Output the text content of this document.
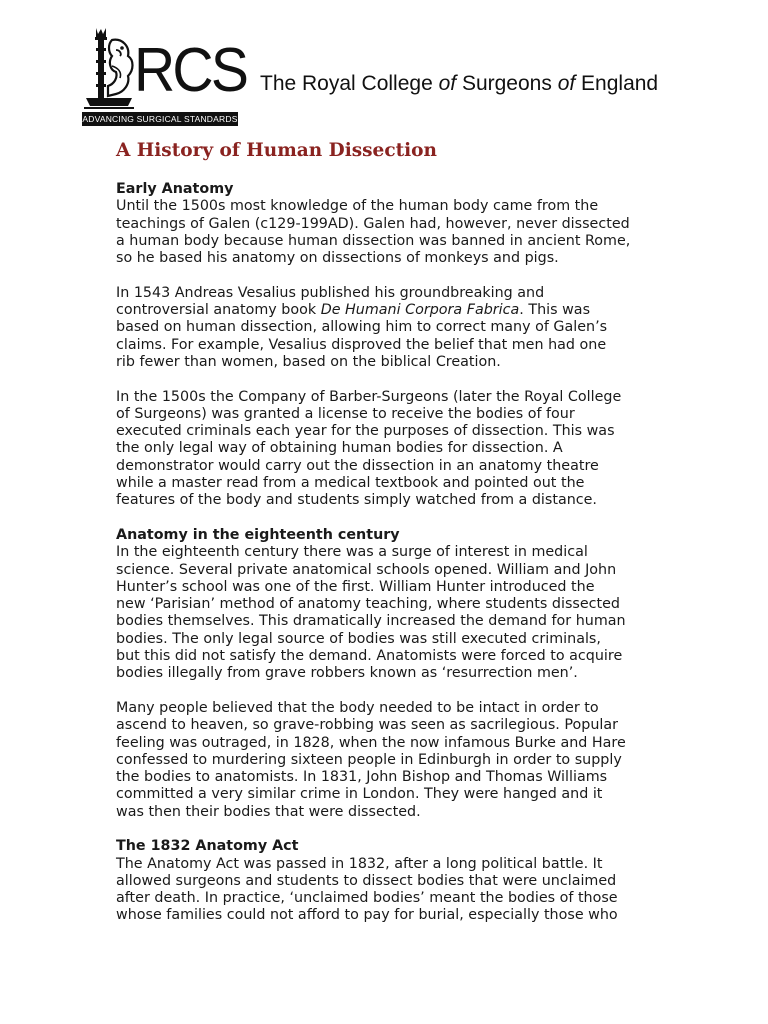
RCS
ADVANCING SURGICAL STANDARDS
The Royal College of Surgeons of England
A History of Human Dissection
Early Anatomy

Until the 1500s most knowledge of the human body came from the
teachings of Galen (c129-199AD). Galen had, however, never dissected
a human body because human dissection was banned in ancient Rome,
so he based his anatomy on dissections of monkeys and pigs.

In 1543 Andreas Vesalius published his groundbreaking and
controversial anatomy book De Humani Corpora Fabrica. This was
based on human dissection, allowing him to correct many of Galen’s
claims. For example, Vesalius disproved the belief that men had one
rib fewer than women, based on the biblical Creation.

In the 1500s the Company of Barber-Surgeons (later the Royal College
of Surgeons) was granted a license to receive the bodies of four
executed criminals each year for the purposes of dissection. This was
the only legal way of obtaining human bodies for dissection. A
demonstrator would carry out the dissection in an anatomy theatre
while a master read from a medical textbook and pointed out the
features of the body and students simply watched from a distance.

Anatomy in the eighteenth century

In the eighteenth century there was a surge of interest in medical
science. Several private anatomical schools opened. William and John
Hunter’s school was one of the first. William Hunter introduced the
new ‘Parisian’ method of anatomy teaching, where students dissected
bodies themselves. This dramatically increased the demand for human
bodies. The only legal source of bodies was still executed criminals,
but this did not satisfy the demand. Anatomists were forced to acquire
bodies illegally from grave robbers known as ‘resurrection men’.

Many people believed that the body needed to be intact in order to
ascend to heaven, so grave-robbing was seen as sacrilegious. Popular
feeling was outraged, in 1828, when the now infamous Burke and Hare
confessed to murdering sixteen people in Edinburgh in order to supply
the bodies to anatomists. In 1831, John Bishop and Thomas Williams
committed a very similar crime in London. They were hanged and it
was then their bodies that were dissected.

The 1832 Anatomy Act

The Anatomy Act was passed in 1832, after a long political battle. It
allowed surgeons and students to dissect bodies that were unclaimed
after death. In practice, ‘unclaimed bodies’ meant the bodies of those
whose families could not afford to pay for burial, especially those who
